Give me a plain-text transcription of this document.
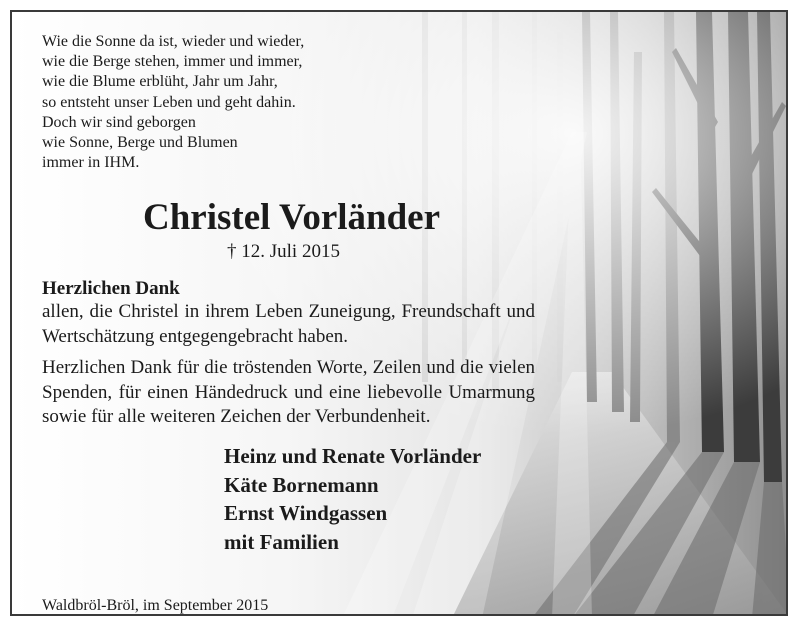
Wie die Sonne da ist, wieder und wieder,
wie die Berge stehen, immer und immer,
wie die Blume erblüht, Jahr um Jahr,
so entsteht unser Leben und geht dahin.
Doch wir sind geborgen
wie Sonne, Berge und Blumen
immer in IHM.
Christel Vorländer
† 12. Juli 2015
Herzlichen Dank
allen, die Christel in ihrem Leben Zuneigung, Freundschaft und Wertschätzung entgegengebracht haben.
Herzlichen Dank für die tröstenden Worte, Zeilen und die vielen Spenden, für einen Händedruck und eine liebevolle Umarmung sowie für alle weiteren Zeichen der Verbundenheit.
Heinz und Renate Vorländer
Käte Bornemann
Ernst Windgassen
mit Familien
Waldbröl-Bröl, im September 2015
